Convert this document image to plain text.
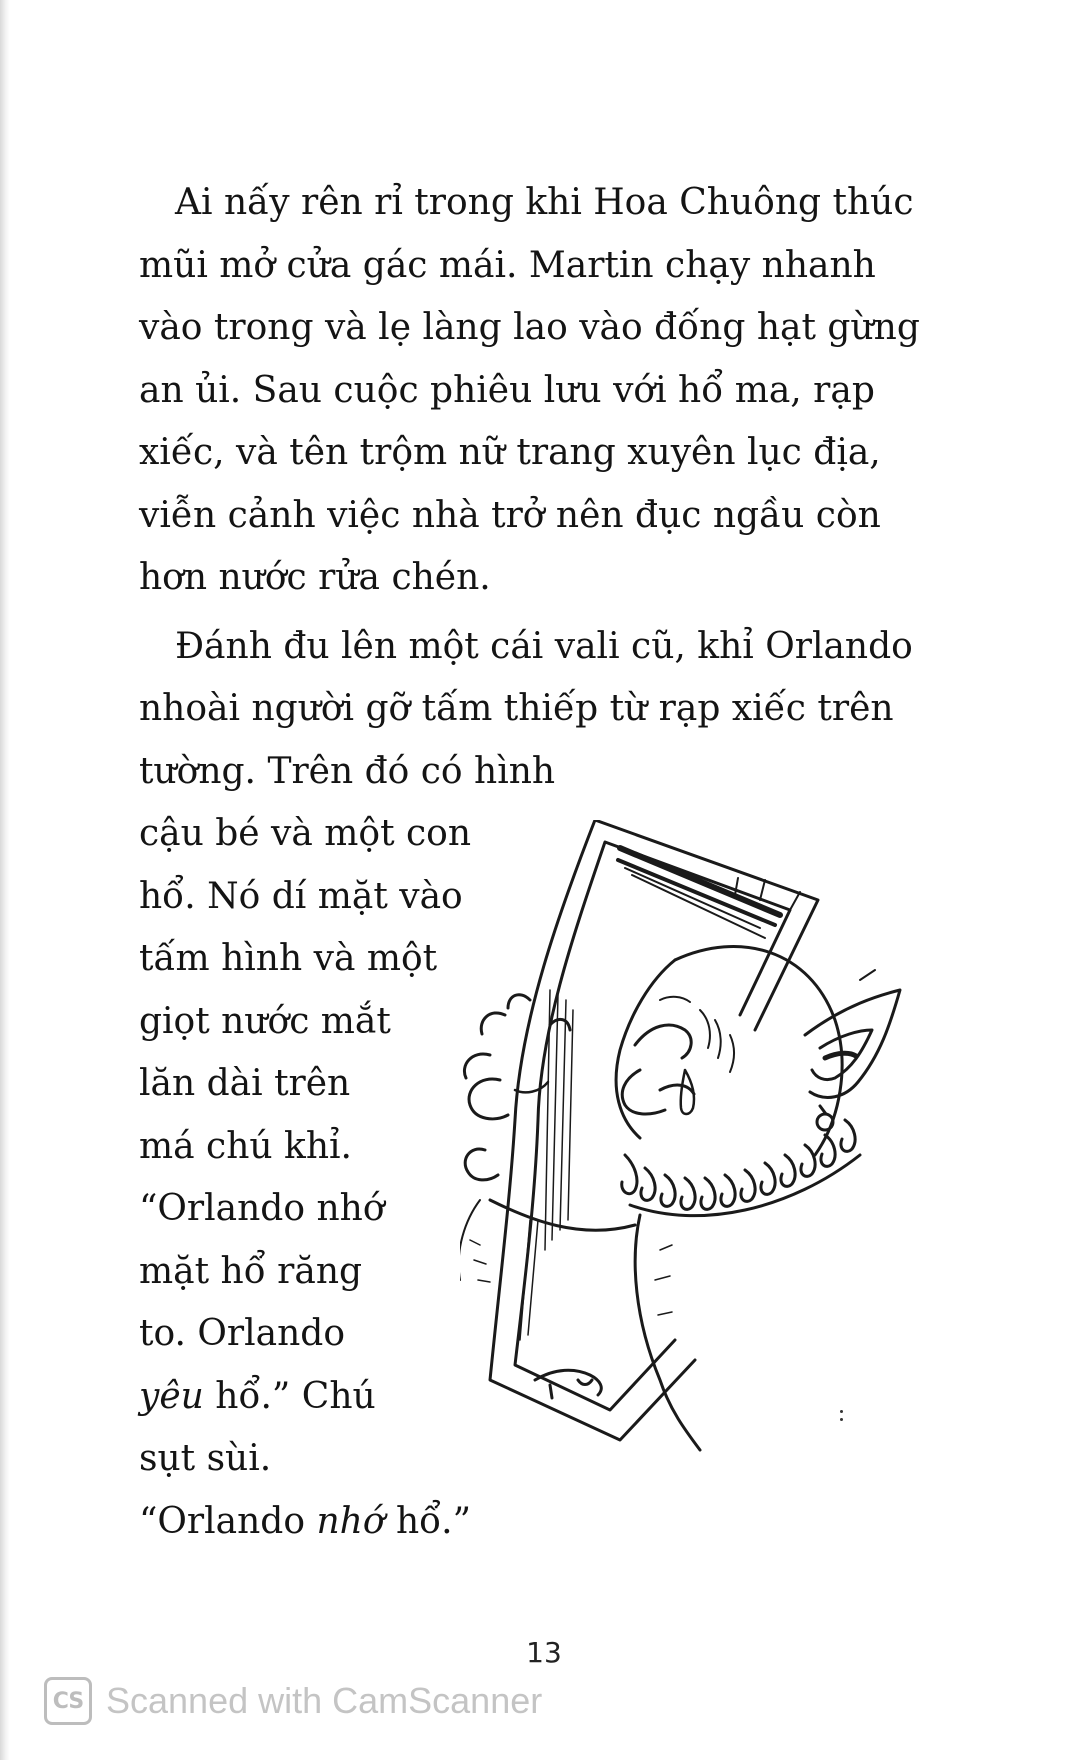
Ai nấy rên rỉ trong khi Hoa Chuông thúc
mũi mở cửa gác mái. Martin chạy nhanh
vào trong và lẹ làng lao vào đống hạt gừng
an ủi. Sau cuộc phiêu lưu với hổ ma, rạp
xiếc, và tên trộm nữ trang xuyên lục địa,
viễn cảnh việc nhà trở nên đục ngầu còn
hơn nước rửa chén.
Đánh đu lên một cái vali cũ, khỉ Orlando
nhoài người gỡ tấm thiếp từ rạp xiếc trên
tường. Trên đó có hình
cậu bé và một con
hổ. Nó dí mặt vào
tấm hình và một
giọt nước mắt
lăn dài trên
má chú khỉ.
“Orlando nhớ
mặt hổ răng
to. Orlando
yêu hổ.” Chú
sụt sùi.
“Orlando nhớ hổ.”
13
CS Scanned with CamScanner
